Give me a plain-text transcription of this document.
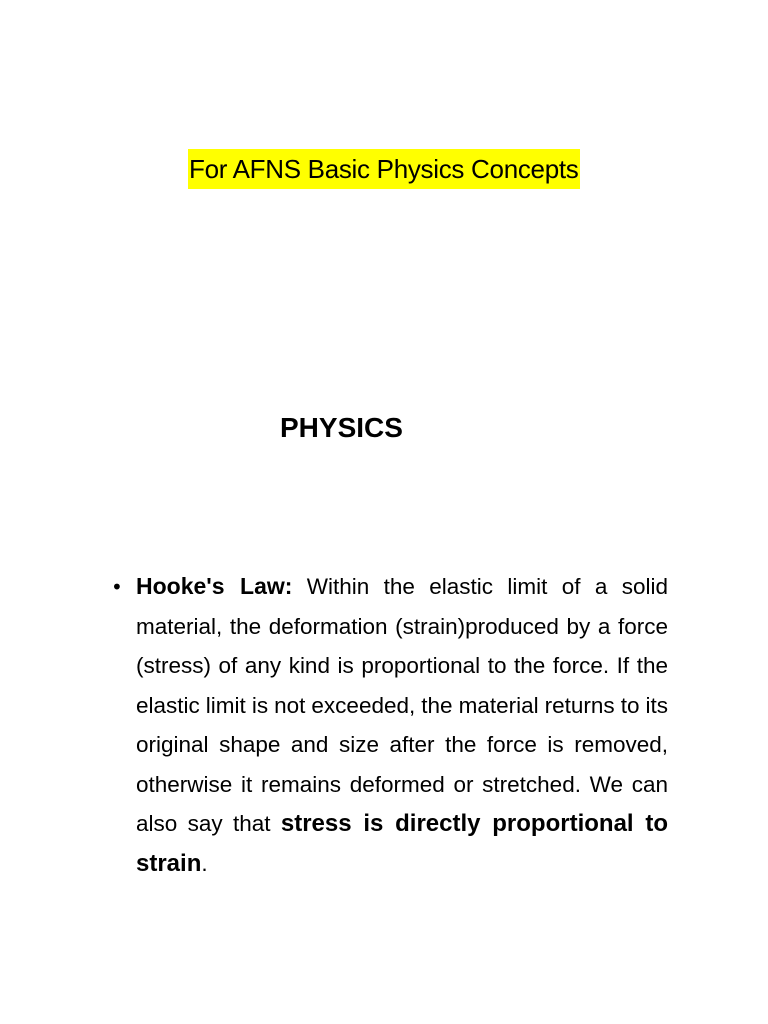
For AFNS Basic Physics Concepts
PHYSICS
• Hooke's Law: Within the elastic limit of a solid material, the deformation (strain)produced by a force (stress) of any kind is proportional to the force. If the elastic limit is not exceeded, the material returns to its original shape and size after the force is removed, otherwise it remains deformed or stretched. We can also say that stress is directly proportional to strain.
